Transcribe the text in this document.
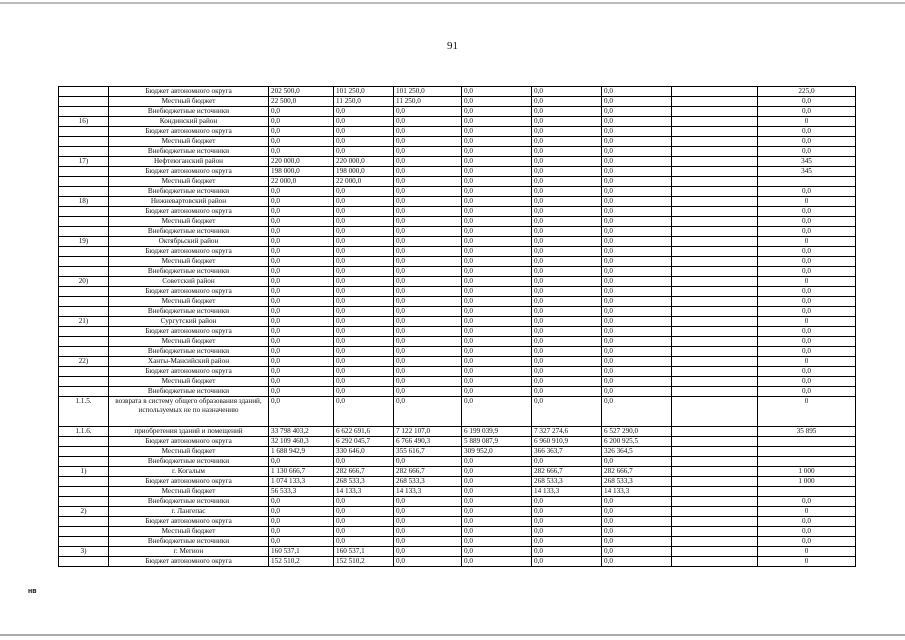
91
	Бюджет автономного округа	202 500,0	101 250,0	101 250,0	0,0	0,0	0,0		225,0
	Местный бюджет	22 500,0	11 250,0	11 250,0	0,0	0,0	0,0		0,0
	Внебюджетные источники	0,0	0,0	0,0	0,0	0,0	0,0		0,0
16)	Кондинский район	0,0	0,0	0,0	0,0	0,0	0,0		0
	Бюджет автономного округа	0,0	0,0	0,0	0,0	0,0	0,0		0,0
	Местный бюджет	0,0	0,0	0,0	0,0	0,0	0,0		0,0
	Внебюджетные источники	0,0	0,0	0,0	0,0	0,0	0,0		0,0
17)	Нефтеюганский район	220 000,0	220 000,0	0,0	0,0	0,0	0,0		345
	Бюджет автономного округа	198 000,0	198 000,0	0,0	0,0	0,0	0,0		345
	Местный бюджет	22 000,0	22 000,0	0,0	0,0	0,0	0,0		
	Внебюджетные источники	0,0	0,0	0,0	0,0	0,0	0,0		0,0
18)	Нижневартовский район	0,0	0,0	0,0	0,0	0,0	0,0		0
	Бюджет автономного округа	0,0	0,0	0,0	0,0	0,0	0,0		0,0
	Местный бюджет	0,0	0,0	0,0	0,0	0,0	0,0		0,0
	Внебюджетные источники	0,0	0,0	0,0	0,0	0,0	0,0		0,0
19)	Октябрьский район	0,0	0,0	0,0	0,0	0,0	0,0		0
	Бюджет автономного округа	0,0	0,0	0,0	0,0	0,0	0,0		0,0
	Местный бюджет	0,0	0,0	0,0	0,0	0,0	0,0		0,0
	Внебюджетные источники	0,0	0,0	0,0	0,0	0,0	0,0		0,0
20)	Советский район	0,0	0,0	0,0	0,0	0,0	0,0		0
	Бюджет автономного округа	0,0	0,0	0,0	0,0	0,0	0,0		0,0
	Местный бюджет	0,0	0,0	0,0	0,0	0,0	0,0		0,0
	Внебюджетные источники	0,0	0,0	0,0	0,0	0,0	0,0		0,0
21)	Сургутский район	0,0	0,0	0,0	0,0	0,0	0,0		0
	Бюджет автономного округа	0,0	0,0	0,0	0,0	0,0	0,0		0,0
	Местный бюджет	0,0	0,0	0,0	0,0	0,0	0,0		0,0
	Внебюджетные источники	0,0	0,0	0,0	0,0	0,0	0,0		0,0
22)	Ханты-Мансийский район	0,0	0,0	0,0	0,0	0,0	0,0		0
	Бюджет автономного округа	0,0	0,0	0,0	0,0	0,0	0,0		0,0
	Местный бюджет	0,0	0,0	0,0	0,0	0,0	0,0		0,0
	Внебюджетные источники	0,0	0,0	0,0	0,0	0,0	0,0		0,0
1.1.5.	возврата в систему общего образования зданий, используемых не по назначению	0,0	0,0	0,0	0,0	0,0	0,0		0
1.1.6.	приобретения зданий и помещений	33 798 403,2	6 622 691,6	7 122 107,0	6 199 039,9	7 327 274,6	6 527 290,0		35 895
	Бюджет автономного округа	32 109 460,3	6 292 045,7	6 766 490,3	5 889 087,9	6 960 910,9	6 200 925,5		
	Местный бюджет	1 688 942,9	330 646,0	355 616,7	309 952,0	366 363,7	326 364,5		
	Внебюджетные источники	0,0	0,0	0,0	0,0	0,0	0,0		
1)	г. Когалым	1 130 666,7	282 666,7	282 666,7	0,0	282 666,7	282 666,7		1 000
	Бюджет автономного округа	1 074 133,3	268 533,3	268 533,3	0,0	268 533,3	268 533,3		1 000
	Местный бюджет	56 533,3	14 133,3	14 133,3	0,0	14 133,3	14 133,3		
	Внебюджетные источники	0,0	0,0	0,0	0,0	0,0	0,0		0,0
2)	г. Лангепас	0,0	0,0	0,0	0,0	0,0	0,0		0
	Бюджет автономного округа	0,0	0,0	0,0	0,0	0,0	0,0		0,0
	Местный бюджет	0,0	0,0	0,0	0,0	0,0	0,0		0,0
	Внебюджетные источники	0,0	0,0	0,0	0,0	0,0	0,0		0,0
3)	г. Мегион	160 537,1	160 537,1	0,0	0,0	0,0	0,0		0
	Бюджет автономного округа	152 510,2	152 510,2	0,0	0,0	0,0	0,0		0
нв
